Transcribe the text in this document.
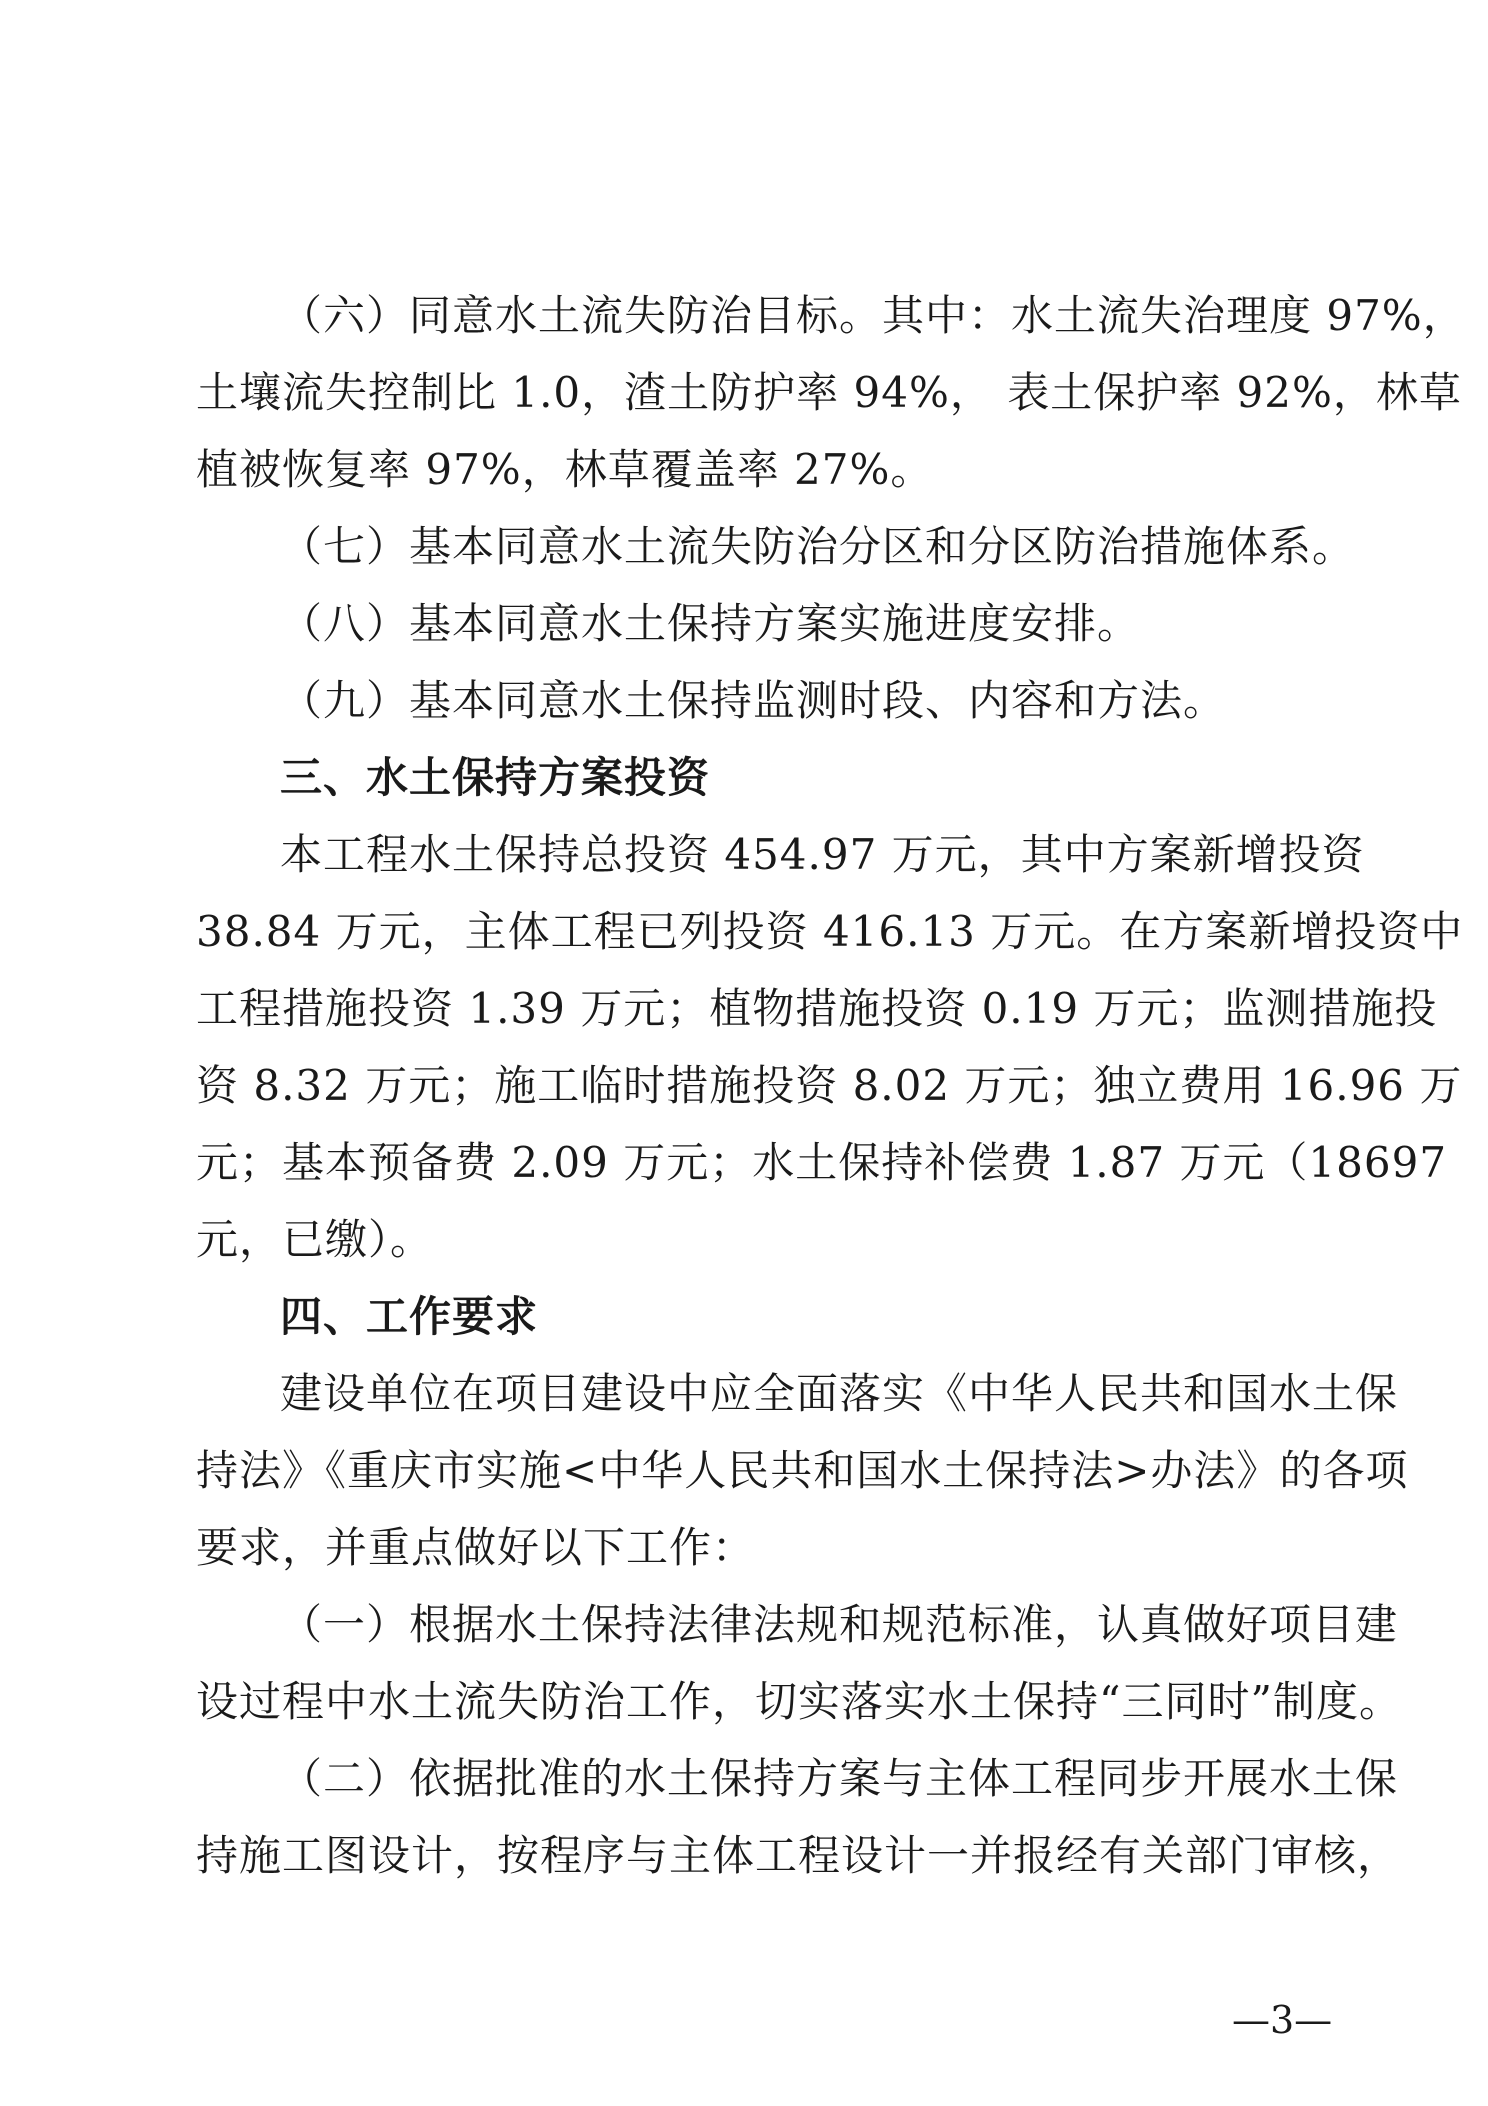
（六）同意水土流失防治目标。其中：水土流失治理度 97%，
土壤流失控制比 1.0，渣土防护率 94%， 表土保护率 92%，林草
植被恢复率 97%，林草覆盖率 27%。
（七）基本同意水土流失防治分区和分区防治措施体系。
（八）基本同意水土保持方案实施进度安排。
（九）基本同意水土保持监测时段、内容和方法。
三、水土保持方案投资
本工程水土保持总投资 454.97 万元，其中方案新增投资
38.84 万元，主体工程已列投资 416.13 万元。在方案新增投资中
工程措施投资 1.39 万元；植物措施投资 0.19 万元；监测措施投
资 8.32 万元；施工临时措施投资 8.02 万元；独立费用 16.96 万
元；基本预备费 2.09 万元；水土保持补偿费 1.87 万元（18697
元，已缴）。
四、工作要求
建设单位在项目建设中应全面落实《中华人民共和国水土保
持法》《重庆市实施<中华人民共和国水土保持法>办法》的各项
要求，并重点做好以下工作：
（一）根据水土保持法律法规和规范标准，认真做好项目建
设过程中水土流失防治工作，切实落实水土保持“三同时”制度。
（二）依据批准的水土保持方案与主体工程同步开展水土保
持施工图设计，按程序与主体工程设计一并报经有关部门审核，
—3—
